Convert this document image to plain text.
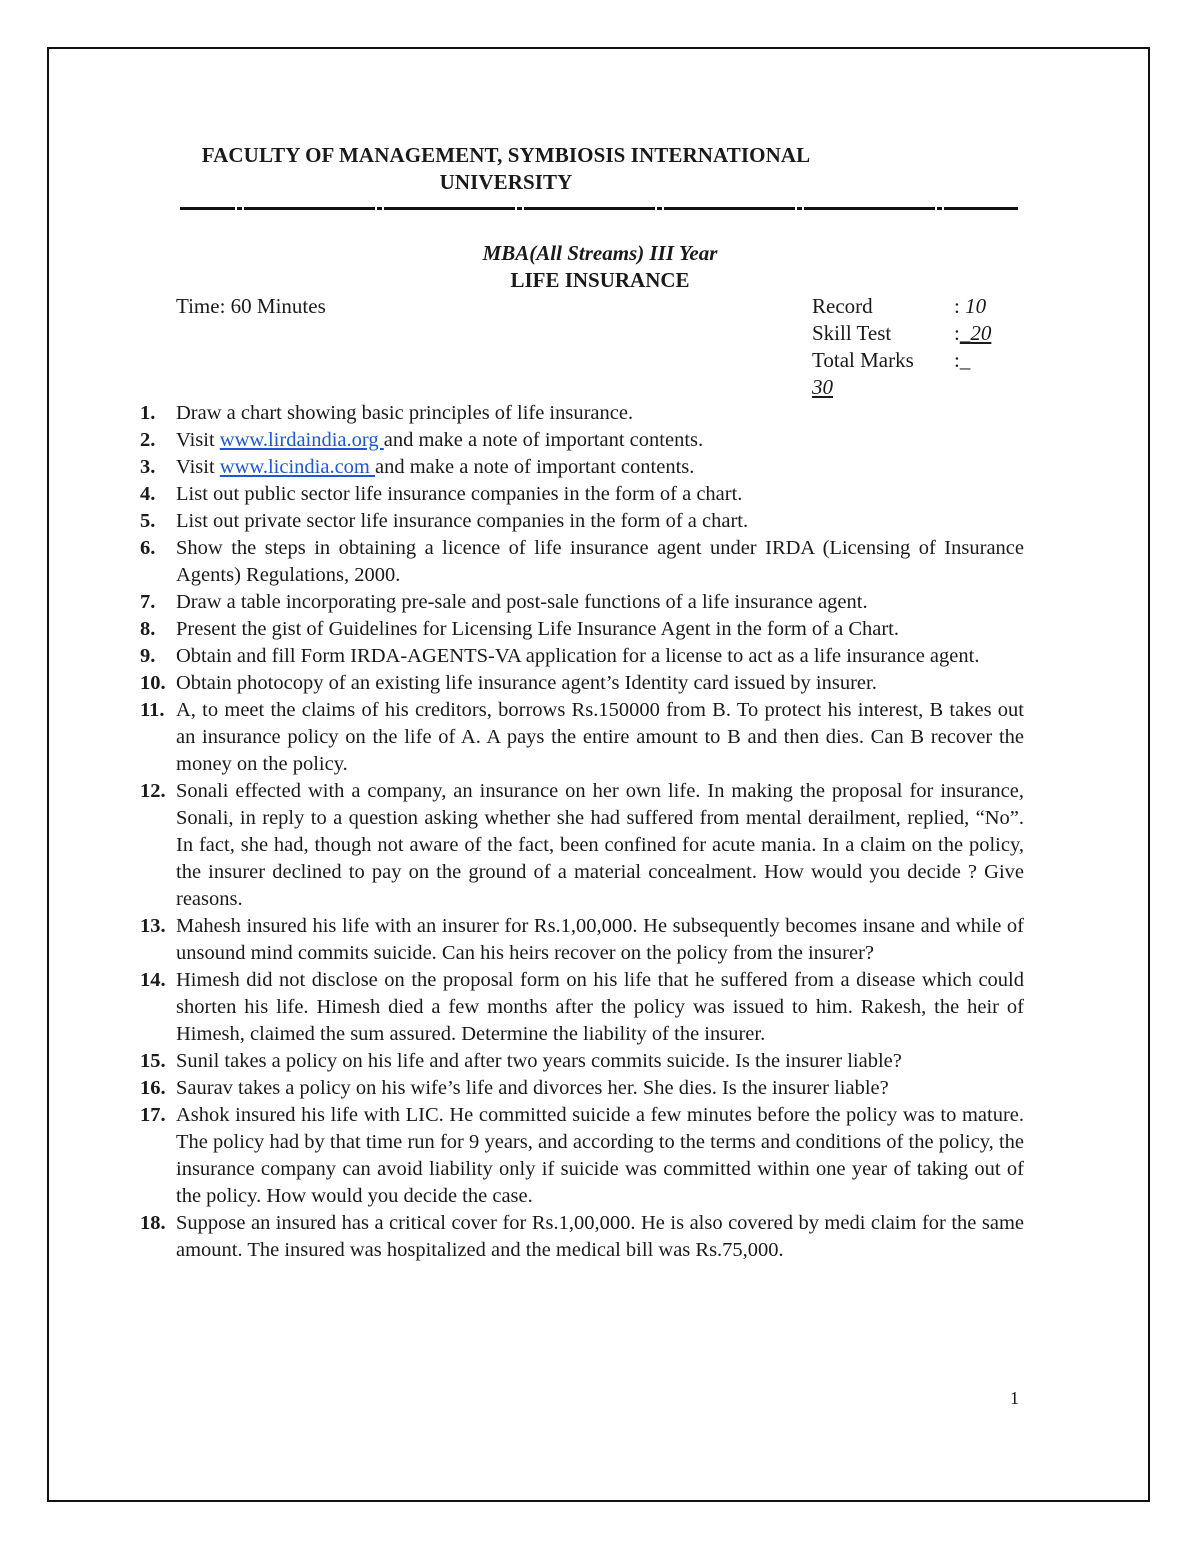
FACULTY OF MANAGEMENT, SYMBIOSIS INTERNATIONAL
UNIVERSITY
MBA(All Streams) III Year
LIFE INSURANCE
Time: 60 Minutes	Record	: 10
Skill Test	:_20
Total Marks :_
30
1. Draw a chart showing basic principles of life insurance.
2. Visit www.lirdaindia.org and make a note of important contents.
3. Visit www.licindia.com and make a note of important contents.
4. List out public sector life insurance companies in the form of a chart.
5. List out private sector life insurance companies in the form of a chart.
6. Show the steps in obtaining a licence of life insurance agent under IRDA (Licensing of Insurance Agents) Regulations, 2000.
7. Draw a table incorporating pre-sale and post-sale functions of a life insurance agent.
8. Present the gist of Guidelines for Licensing Life Insurance Agent in the form of a Chart.
9. Obtain and fill Form IRDA-AGENTS-VA application for a license to act as a life insurance agent.
10. Obtain photocopy of an existing life insurance agent’s Identity card issued by insurer.
11. A, to meet the claims of his creditors, borrows Rs.150000 from B. To protect his interest, B takes out an insurance policy on the life of A. A pays the entire amount to B and then dies. Can B recover the money on the policy.
12. Sonali effected with a company, an insurance on her own life. In making the proposal for insurance, Sonali, in reply to a question asking whether she had suffered from mental derailment, replied, “No”. In fact, she had, though not aware of the fact, been confined for acute mania. In a claim on the policy, the insurer declined to pay on the ground of a material concealment. How would you decide ? Give reasons.
13. Mahesh insured his life with an insurer for Rs.1,00,000. He subsequently becomes insane and while of unsound mind commits suicide. Can his heirs recover on the policy from the insurer?
14. Himesh did not disclose on the proposal form on his life that he suffered from a disease which could shorten his life. Himesh died a few months after the policy was issued to him. Rakesh, the heir of Himesh, claimed the sum assured. Determine the liability of the insurer.
15. Sunil takes a policy on his life and after two years commits suicide. Is the insurer liable?
16. Saurav takes a policy on his wife’s life and divorces her. She dies. Is the insurer liable?
17. Ashok insured his life with LIC. He committed suicide a few minutes before the policy was to mature. The policy had by that time run for 9 years, and according to the terms and conditions of the policy, the insurance company can avoid liability only if suicide was committed within one year of taking out of the policy. How would you decide the case.
18. Suppose an insured has a critical cover for Rs.1,00,000. He is also covered by medi claim for the same amount. The insured was hospitalized and the medical bill was Rs.75,000.
1
